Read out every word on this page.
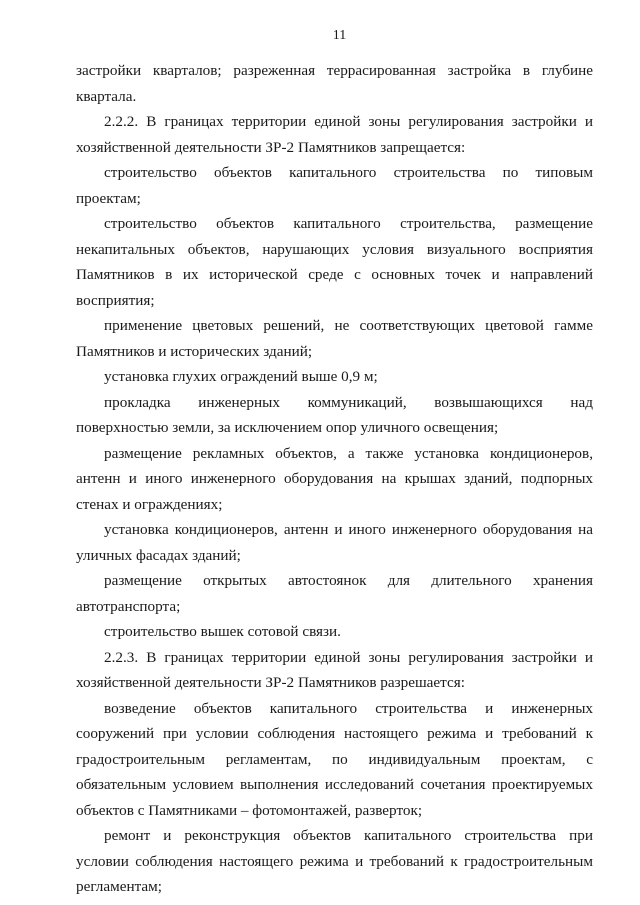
11

застройки кварталов; разреженная террасированная застройка в глубине квартала.

2.2.2. В границах территории единой зоны регулирования застройки и хозяйственной деятельности ЗР-2 Памятников запрещается:

строительство объектов капитального строительства по типовым проектам;

строительство объектов капитального строительства, размещение некапитальных объектов, нарушающих условия визуального восприятия Памятников в их исторической среде с основных точек и направлений восприятия;

применение цветовых решений, не соответствующих цветовой гамме Памятников и исторических зданий;

установка глухих ограждений выше 0,9 м;

прокладка инженерных коммуникаций, возвышающихся над поверхностью земли, за исключением опор уличного освещения;

размещение рекламных объектов, а также установка кондиционеров, антенн и иного инженерного оборудования на крышах зданий, подпорных стенах и ограждениях;

установка кондиционеров, антенн и иного инженерного оборудования на уличных фасадах зданий;

размещение открытых автостоянок для длительного хранения автотранспорта;

строительство вышек сотовой связи.

2.2.3. В границах территории единой зоны регулирования застройки и хозяйственной деятельности ЗР-2 Памятников разрешается:

возведение объектов капитального строительства и инженерных сооружений при условии соблюдения настоящего режима и требований к градостроительным регламентам, по индивидуальным проектам, с обязательным условием выполнения исследований сочетания проектируемых объектов с Памятниками – фотомонтажей, разверток;

ремонт и реконструкция объектов капитального строительства при условии соблюдения настоящего режима и требований к градостроительным регламентам;
